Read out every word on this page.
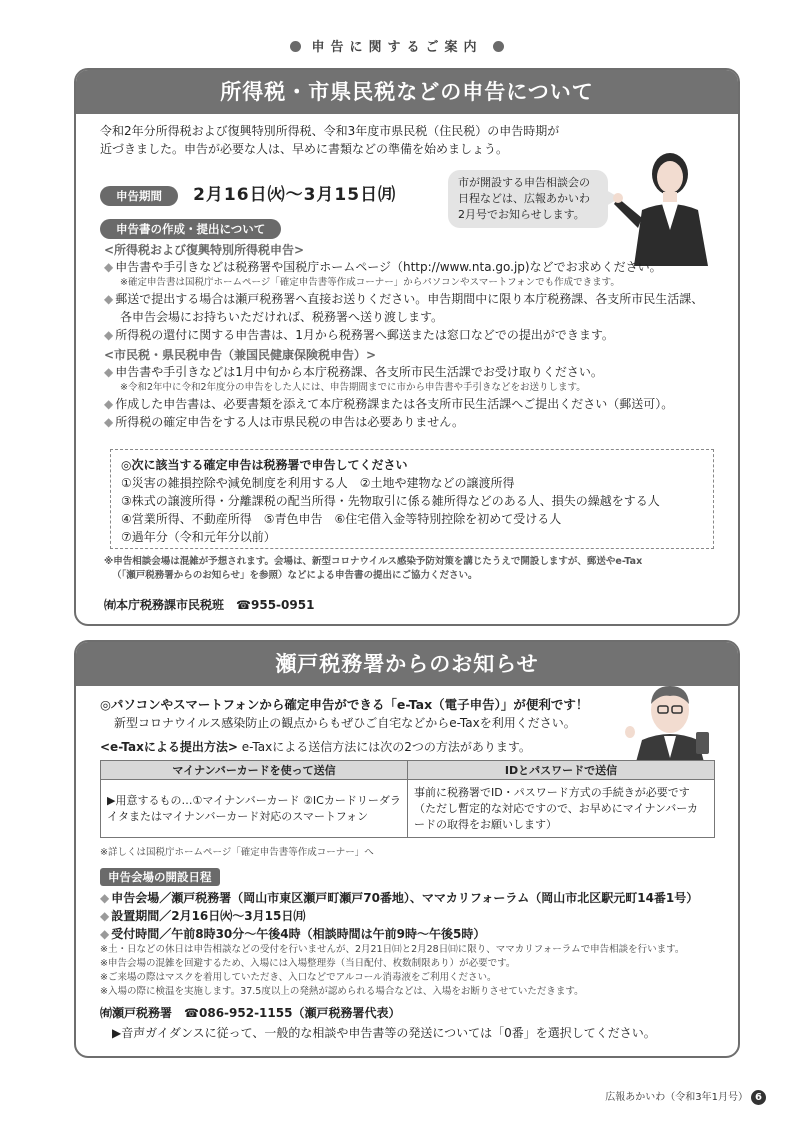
申告に関するご案内
所得税・市県民税などの申告について
令和2年分所得税および復興特別所得税、令和3年度市県民税（住民税）の申告時期が
近づきました。申告が必要な人は、早めに書類などの準備を始めましょう。
申告期間 2月16日㈫～3月15日㈪
市が開設する申告相談会の
日程などは、広報あかいわ
2月号でお知らせします。
申告書の作成・提出について
<所得税および復興特別所得税申告>
◆ 申告書や手引きなどは税務署や国税庁ホームページ（http://www.nta.go.jp)などでお求めください。
※確定申告書は国税庁ホームページ「確定申告書等作成コーナー」からパソコンやスマートフォンでも作成できます。
◆ 郵送で提出する場合は瀬戸税務署へ直接お送りください。申告期間中に限り本庁税務課、各支所市民生活課、
各申告会場にお持ちいただければ、税務署へ送り渡します。
◆ 所得税の還付に関する申告書は、1月から税務署へ郵送または窓口などでの提出ができます。
<市民税・県民税申告（兼国民健康保険税申告）>
◆ 申告書や手引きなどは1月中旬から本庁税務課、各支所市民生活課でお受け取りください。
※令和2年中に令和2年度分の申告をした人には、申告期間までに市から申告書や手引きなどをお送りします。
◆ 作成した申告書は、必要書類を添えて本庁税務課または各支所市民生活課へご提出ください（郵送可）。
◆ 所得税の確定申告をする人は市県民税の申告は必要ありません。
◎次に該当する確定申告は税務署で申告してください
①災害の雑損控除や減免制度を利用する人　②土地や建物などの譲渡所得
③株式の譲渡所得・分離課税の配当所得・先物取引に係る雑所得などのある人、損失の繰越をする人
④営業所得、不動産所得　⑤青色申告　⑥住宅借入金等特別控除を初めて受ける人
⑦過年分（令和元年分以前）
※申告相談会場は混雑が予想されます。会場は、新型コロナウイルス感染予防対策を講じたうえで開設しますが、郵送やe-Tax
（「瀬戸税務署からのお知らせ」を参照）などによる申告書の提出にご協力ください。
㈲本庁税務課市民税班　 ☎955-0951
瀬戸税務署からのお知らせ
◎パソコンやスマートフォンから確定申告ができる「e-Tax（電子申告）」が便利です！
新型コロナウイルス感染防止の観点からもぜひご自宅などからe-Taxを利用ください。
<e-Taxによる提出方法> e-Taxによる送信方法には次の2つの方法があります。
マイナンバーカードを使って送信	IDとパスワードで送信
▶用意するもの…①マイナンバーカード ②ICカードリーダライタまたはマイナンバーカード対応のスマートフォン	事前に税務署でID・パスワード方式の手続きが必要です（ただし暫定的な対応ですので、お早めにマイナンバーカードの取得をお願いします）
※詳しくは国税庁ホームページ「確定申告書等作成コーナー」へ
申告会場の開設日程
◆ 申告会場／瀬戸税務署（岡山市東区瀬戸町瀬戸70番地）、ママカリフォーラム（岡山市北区駅元町14番1号）
◆ 設置期間／2月16日㈫～3月15日㈪
◆ 受付時間／午前8時30分～午後4時（相談時間は午前9時～午後5時）
※土・日などの休日は申告相談などの受付を行いませんが、2月21日㈰と2月28日㈰に限り、ママカリフォーラムで申告相談を行います。
※申告会場の混雑を回避するため、入場には入場整理券（当日配付、枚数制限あり）が必要です。
※ご来場の際はマスクを着用していただき、入口などでアルコール消毒液をご利用ください。
※入場の際に検温を実施します。37.5度以上の発熱が認められる場合などは、入場をお断りさせていただきます。
㈲瀬戸税務署　 ☎086-952-1155（瀬戸税務署代表）
▶音声ガイダンスに従って、一般的な相談や申告書等の発送については「0番」を選択してください。
広報あかいわ（令和3年1月号） 6
